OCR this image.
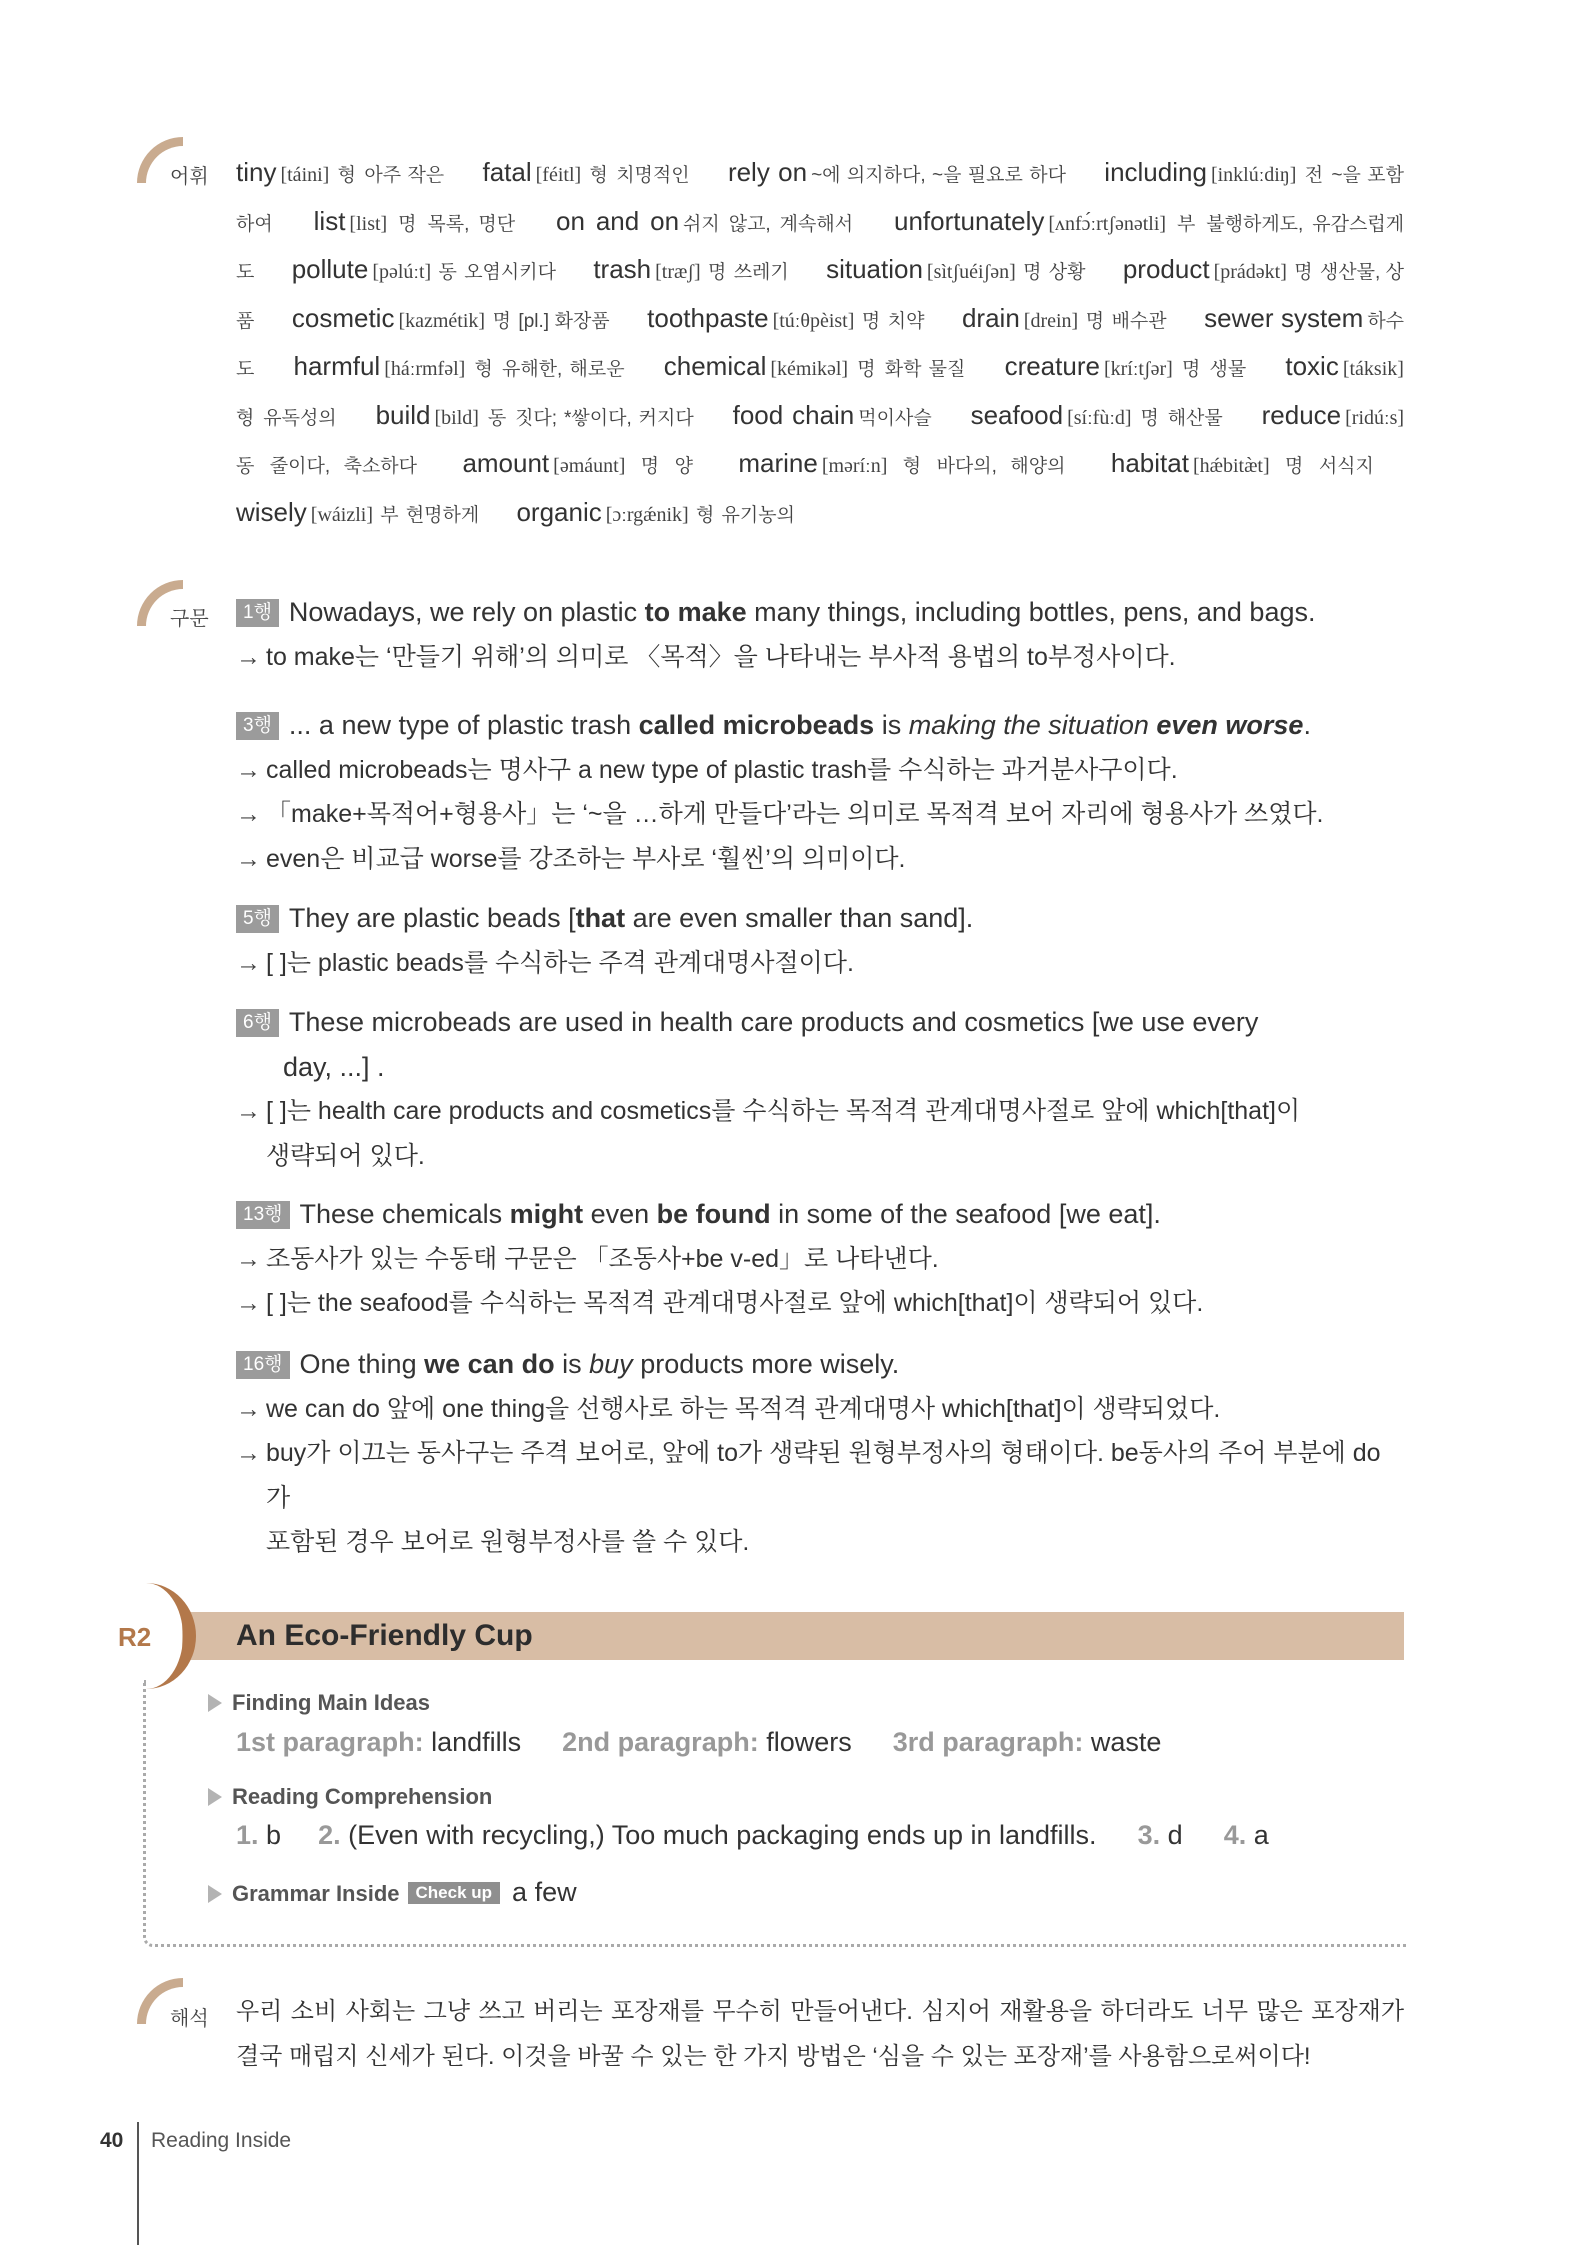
어휘 tiny [táini] 형 아주 작은 fatal [féitl] 형 치명적인 rely on ~에 의지하다, ~을 필요로 하다 including [inklúːdiŋ] 전 ~을 포함하여 list [list] 명 목록, 명단 on and on 쉬지 않고, 계속해서 unfortunately [ʌnfɔ́ːrtʃənətli] 부 불행하게도, 유감스럽게도 pollute [pəlúːt] 동 오염시키다 trash [træʃ] 명 쓰레기 situation [sìtʃuéiʃən] 명 상황 product [prádəkt] 명 생산물, 상품 cosmetic [kazmétik] 명 [pl.] 화장품 toothpaste [túːθpèist] 명 치약 drain [drein] 명 배수관 sewer system 하수도 harmful [háːrmfəl] 형 유해한, 해로운 chemical [kémikəl] 명 화학 물질 creature [kríːtʃər] 명 생물 toxic [táksik] 형 유독성의 build [bild] 동 짓다; *쌓이다, 커지다 food chain 먹이사슬 seafood [síːfùːd] 명 해산물 reduce [ridúːs] 동 줄이다, 축소하다 amount [əmáunt] 명 양 marine [məríːn] 형 바다의, 해양의 habitat [hǽbitæ̀t] 명 서식지 wisely [wáizli] 부 현명하게 organic [ɔːrgǽnik] 형 유기농의
구문	1행 Nowadays, we rely on plastic to make many things, including bottles, pens, and bags.
→ to make는 ‘만들기 위해’의 의미로 〈목적〉을 나타내는 부사적 용법의 to부정사이다.
3행 ... a new type of plastic trash called microbeads is making the situation even worse.
→ called microbeads는 명사구 a new type of plastic trash를 수식하는 과거분사구이다.
→ 「make+목적어+형용사」는 ‘~을 …하게 만들다’라는 의미로 목적격 보어 자리에 형용사가 쓰였다.
→ even은 비교급 worse를 강조하는 부사로 ‘훨씬’의 의미이다.
5행 They are plastic beads [that are even smaller than sand].
→ [ ]는 plastic beads를 수식하는 주격 관계대명사절이다.
6행 These microbeads are used in health care products and cosmetics [we use every
day, ...] .
→ [ ]는 health care products and cosmetics를 수식하는 목적격 관계대명사절로 앞에 which[that]이
생략되어 있다.
13행 These chemicals might even be found in some of the seafood [we eat].
→ 조동사가 있는 수동태 구문은 「조동사+be v-ed」로 나타낸다.
→ [ ]는 the seafood를 수식하는 목적격 관계대명사절로 앞에 which[that]이 생략되어 있다.
16행 One thing we can do is buy products more wisely.
→ we can do 앞에 one thing을 선행사로 하는 목적격 관계대명사 which[that]이 생략되었다.
→ buy가 이끄는 동사구는 주격 보어로, 앞에 to가 생략된 원형부정사의 형태이다. be동사의 주어 부분에 do가
포함된 경우 보어로 원형부정사를 쓸 수 있다.
R2	An Eco-Friendly Cup
Finding Main Ideas
1st paragraph: landfills 2nd paragraph: flowers 3rd paragraph: waste
Reading Comprehension
1. b 2. (Even with recycling,) Too much packaging ends up in landfills. 3. d 4. a
Grammar Inside Check up a few
해석 우리 소비 사회는 그냥 쓰고 버리는 포장재를 무수히 만들어낸다. 심지어 재활용을 하더라도 너무 많은 포장재가 결국 매립지 신세가 된다. 이것을 바꿀 수 있는 한 가지 방법은 ‘심을 수 있는 포장재’를 사용함으로써이다!
40 Reading Inside
